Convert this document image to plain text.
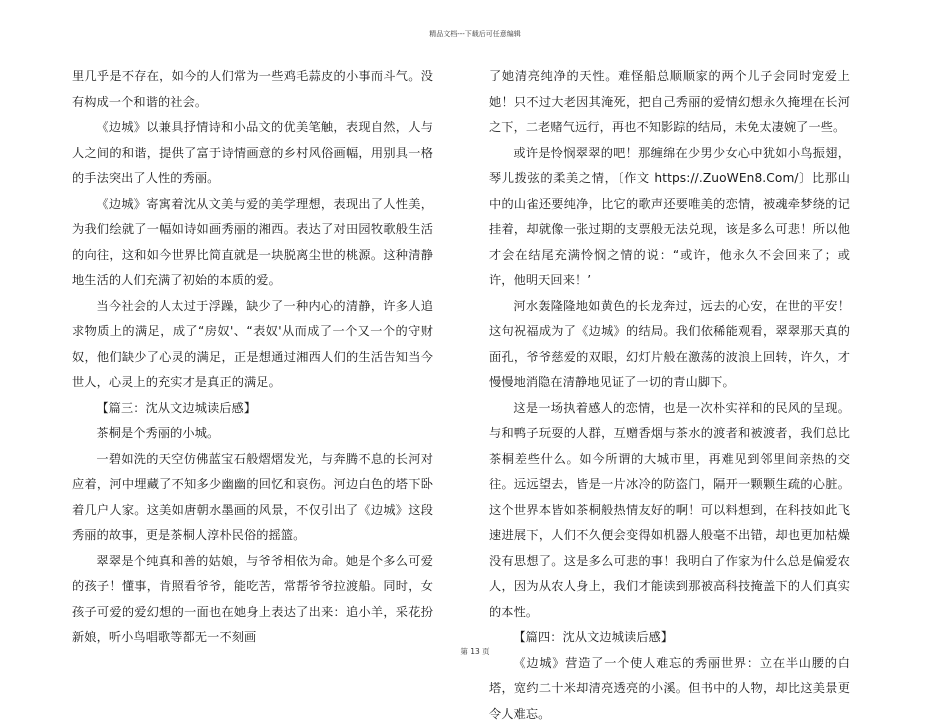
精品文档---下载后可任意编辑

里几乎是不存在，如今的人们常为一些鸡毛蒜皮的小事而斗气。没有构成一个和谐的社会。

《边城》以兼具抒情诗和小品文的优美笔触，表现自然，人与人之间的和谐，提供了富于诗情画意的乡村风俗画幅，用别具一格的手法突出了人性的秀丽。

《边城》寄寓着沈从文美与爱的美学理想，表现出了人性美，为我们绘就了一幅如诗如画秀丽的湘西。表达了对田园牧歌般生活的向往，这和如今世界比简直就是一块脱离尘世的桃源。这种清静地生活的人们充满了初始的本质的爱。

当今社会的人太过于浮躁，缺少了一种内心的清静，许多人追求物质上的满足，成了“房奴'、“表奴'从而成了一个又一个的守财奴，他们缺少了心灵的满足，正是想通过湘西人们的生活告知当今世人，心灵上的充实才是真正的满足。

【篇三：沈从文边城读后感】

茶桐是个秀丽的小城。

一碧如洗的天空仿佛蓝宝石般熠熠发光，与奔腾不息的长河对应着，河中埋藏了不知多少幽幽的回忆和哀伤。河边白色的塔下卧着几户人家。这美如唐朝水墨画的风景，不仅引出了《边城》这段秀丽的故事，更是茶桐人淳朴民俗的摇篮。

翠翠是个纯真和善的姑娘，与爷爷相依为命。她是个多么可爱的孩子！懂事，肯照看爷爷，能吃苦，常帮爷爷拉渡船。同时，女孩子可爱的爱幻想的一面也在她身上表达了出来：追小羊，采花扮新娘，听小鸟唱歌等都无一不刻画

了她清亮纯净的天性。难怪船总顺顺家的两个儿子会同时宠爱上她！只不过大老因其淹死，把自己秀丽的爱情幻想永久掩埋在长河之下，二老赌气远行，再也不知影踪的结局，未免太凄婉了一些。

或许是怜悯翠翠的吧！那缠绵在少男少女心中犹如小鸟振翅，琴儿拨弦的柔美之情，〔作文 https://.ZuoWEn8.Com/〕比那山中的山雀还要纯净，比它的歌声还要唯美的恋情，被魂牵梦绕的记挂着，却就像一张过期的支票般无法兑现，该是多么可悲！所以他才会在结尾充满怜悯之情的说：“或许，他永久不会回来了；或许，他明天回来！’

河水轰隆隆地如黄色的长龙奔过，远去的心安，在世的平安！这句祝福成为了《边城》的结局。我们依稀能观看，翠翠那天真的面孔，爷爷慈爱的双眼，幻灯片般在激荡的波浪上回转，许久，才慢慢地消隐在清静地见证了一切的青山脚下。

这是一场执着感人的恋情，也是一次朴实祥和的民风的呈现。与和鸭子玩耍的人群，互赠香烟与茶水的渡者和被渡者，我们总比茶桐差些什么。如今所谓的大城市里，再难见到邻里间亲热的交往。远远望去，皆是一片冰冷的防盗门，隔开一颗颗生疏的心脏。这个世界本皆如茶桐般热情友好的啊！可以料想到，在科技如此飞速进展下，人们不久便会变得如机器人般毫不出错，却也更加枯燥没有思想了。这是多么可悲的事！我明白了作家为什么总是偏爱农人，因为从农人身上，我们才能读到那被高科技掩盖下的人们真实的本性。

【篇四：沈从文边城读后感】

《边城》营造了一个使人难忘的秀丽世界：立在半山腰的白塔，宽约二十米却清亮透亮的小溪。但书中的人物，却比这美景更令人难忘。

第 13 页
